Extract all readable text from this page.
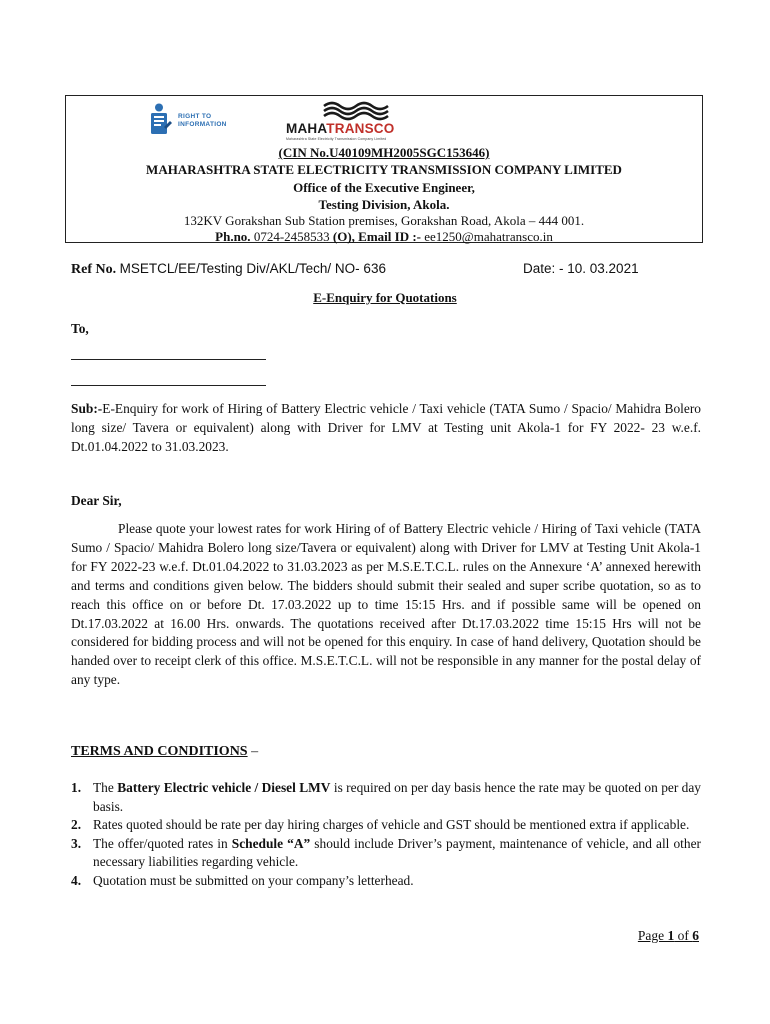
RIGHT TO
INFORMATION	MAHATRANSCO
Maharashtra State Electricity Transmission Company Limited
(CIN No.U40109MH2005SGC153646)
MAHARASHTRA STATE ELECTRICITY TRANSMISSION COMPANY LIMITED
Office of the Executive Engineer,
Testing Division, Akola.
132KV Gorakshan Sub Station premises, Gorakshan Road, Akola – 444 001.
Ph.no. 0724-2458533 (O), Email ID :- ee1250@mahatransco.in
Ref No. MSETCL/EE/Testing Div/AKL/Tech/ NO- 636	Date: - 10. 03.2021
E-Enquiry for Quotations
To,
Sub:-E-Enquiry for work of Hiring of Battery Electric vehicle / Taxi vehicle (TATA Sumo / Spacio/ Mahidra Bolero long size/ Tavera or equivalent) along with Driver for LMV at Testing unit Akola-1 for FY 2022- 23 w.e.f. Dt.01.04.2022 to 31.03.2023.
Dear Sir,
Please quote your lowest rates for work Hiring of of Battery Electric vehicle / Hiring of Taxi vehicle (TATA Sumo / Spacio/ Mahidra Bolero long size/Tavera or equivalent) along with Driver for LMV at Testing Unit Akola-1 for FY 2022-23 w.e.f. Dt.01.04.2022 to 31.03.2023 as per M.S.E.T.C.L. rules on the Annexure ‘A’ annexed herewith and terms and conditions given below. The bidders should submit their sealed and super scribe quotation, so as to reach this office on or before Dt. 17.03.2022 up to time 15:15 Hrs. and if possible same will be opened on Dt.17.03.2022 at 16.00 Hrs. onwards. The quotations received after Dt.17.03.2022 time 15:15 Hrs will not be considered for bidding process and will not be opened for this enquiry. In case of hand delivery, Quotation should be handed over to receipt clerk of this office. M.S.E.T.C.L. will not be responsible in any manner for the postal delay of any type.
TERMS AND CONDITIONS –
1. The Battery Electric vehicle / Diesel LMV is required on per day basis hence the rate may be quoted on per day basis.
2. Rates quoted should be rate per day hiring charges of vehicle and GST should be mentioned extra if applicable.
3. The offer/quoted rates in Schedule “A” should include Driver’s payment, maintenance of vehicle, and all other necessary liabilities regarding vehicle.
4. Quotation must be submitted on your company’s letterhead.
Page 1 of 6
